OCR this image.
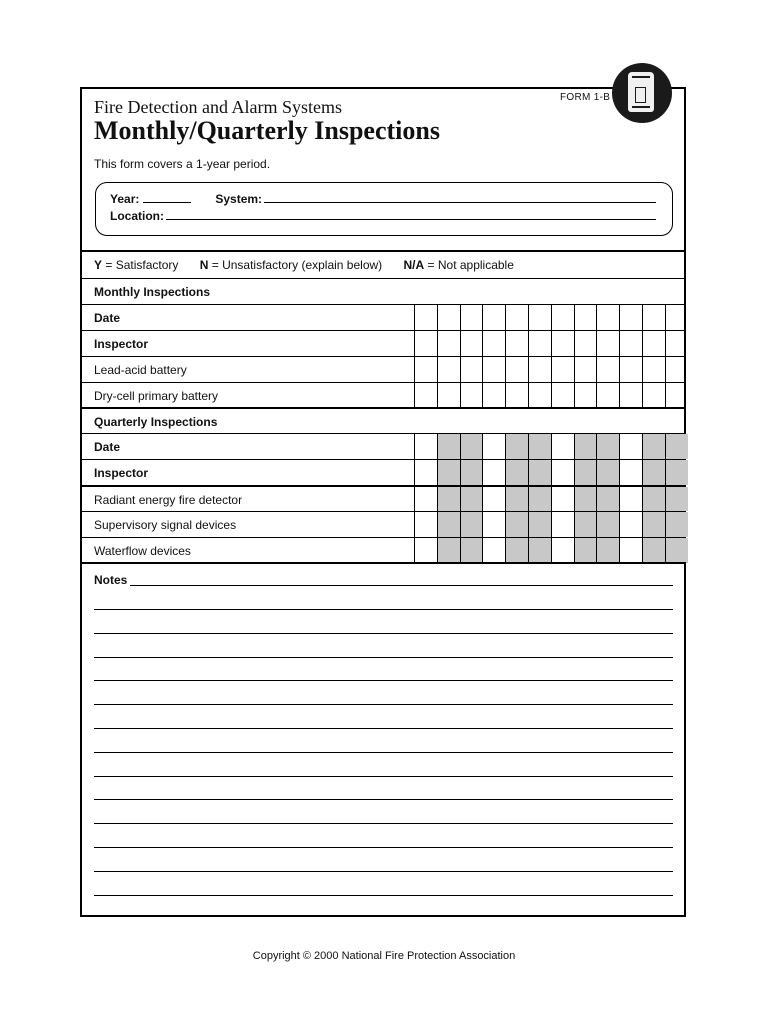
FORM 1-B
Fire Detection and Alarm Systems
Monthly/Quarterly Inspections
This form covers a 1-year period.
Year:	System:
Location:
Y = Satisfactory N = Unsatisfactory (explain below) N/A = Not applicable
Monthly Inspections
Date
Inspector
Lead-acid battery
Dry-cell primary battery
Quarterly Inspections
Date
Inspector
Radiant energy fire detector
Supervisory signal devices
Waterflow devices
Notes
Copyright © 2000 National Fire Protection Association
